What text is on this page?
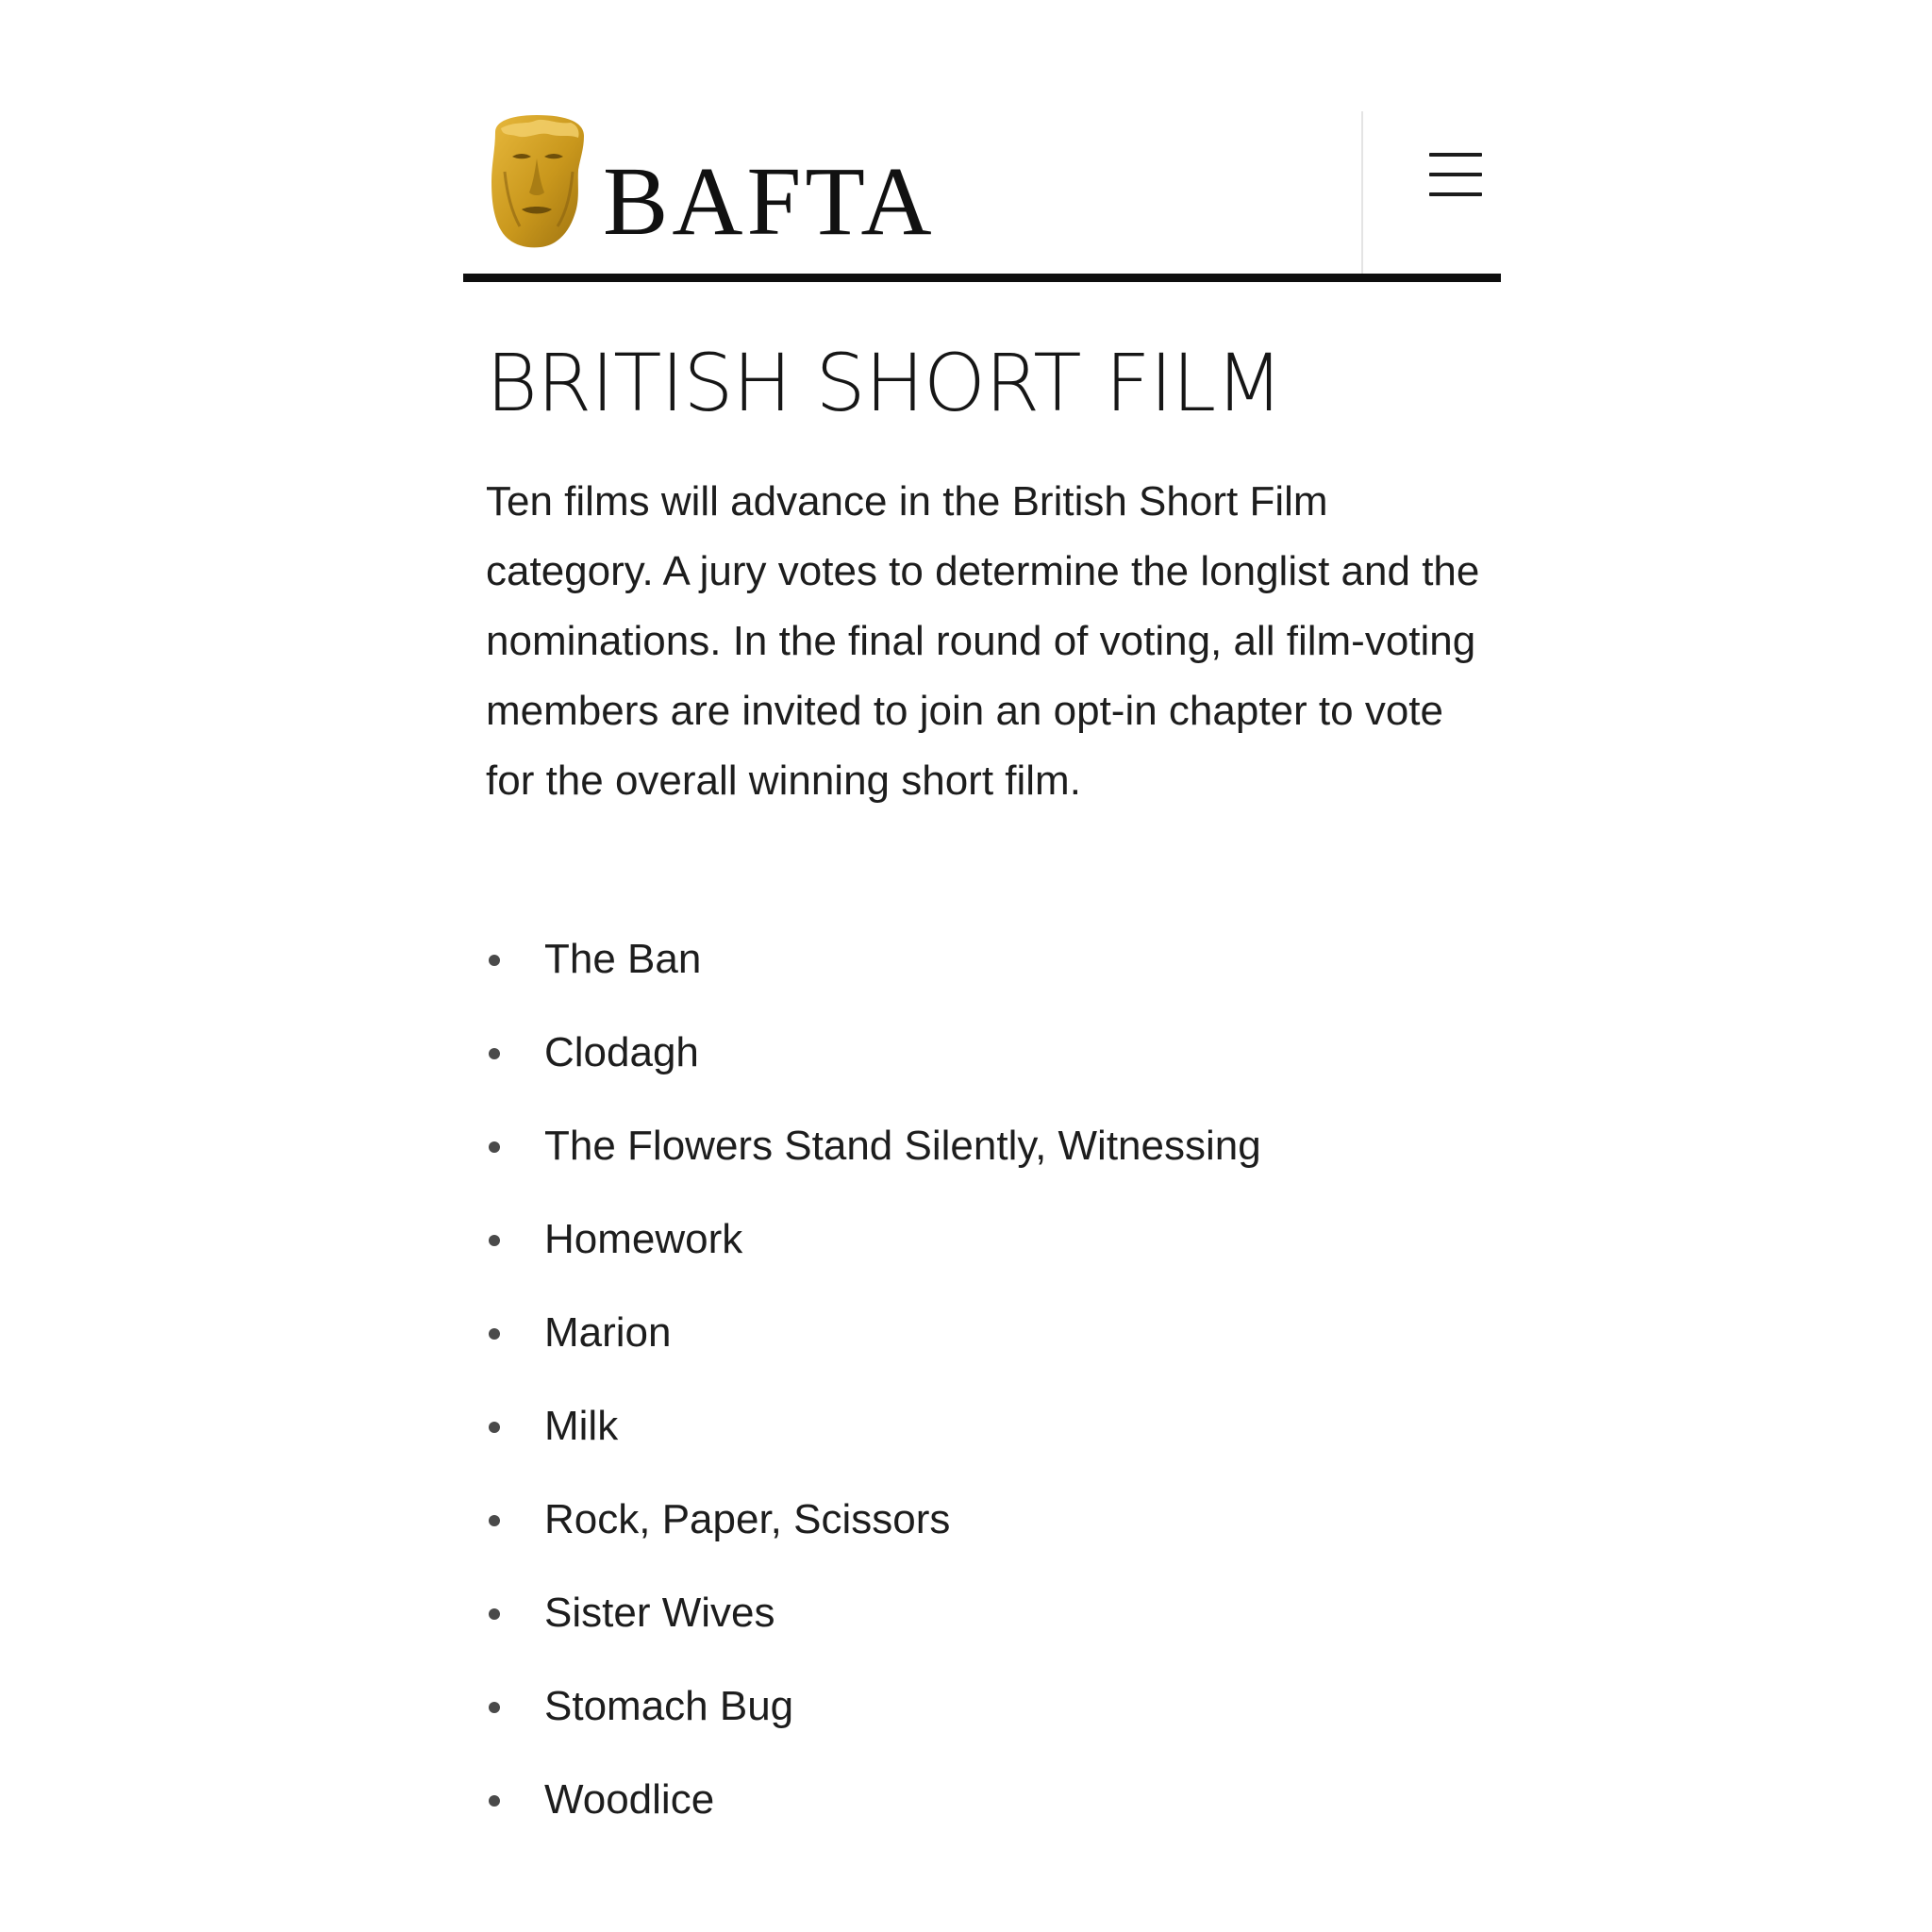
BAFTA
BRITISH SHORT FILM

Ten films will advance in the British Short Film category. A jury votes to determine the longlist and the nominations. In the final round of voting, all film-voting members are invited to join an opt-in chapter to vote for the overall winning short film.

The Ban
Clodagh
The Flowers Stand Silently, Witnessing
Homework
Marion
Milk
Rock, Paper, Scissors
Sister Wives
Stomach Bug
Woodlice
